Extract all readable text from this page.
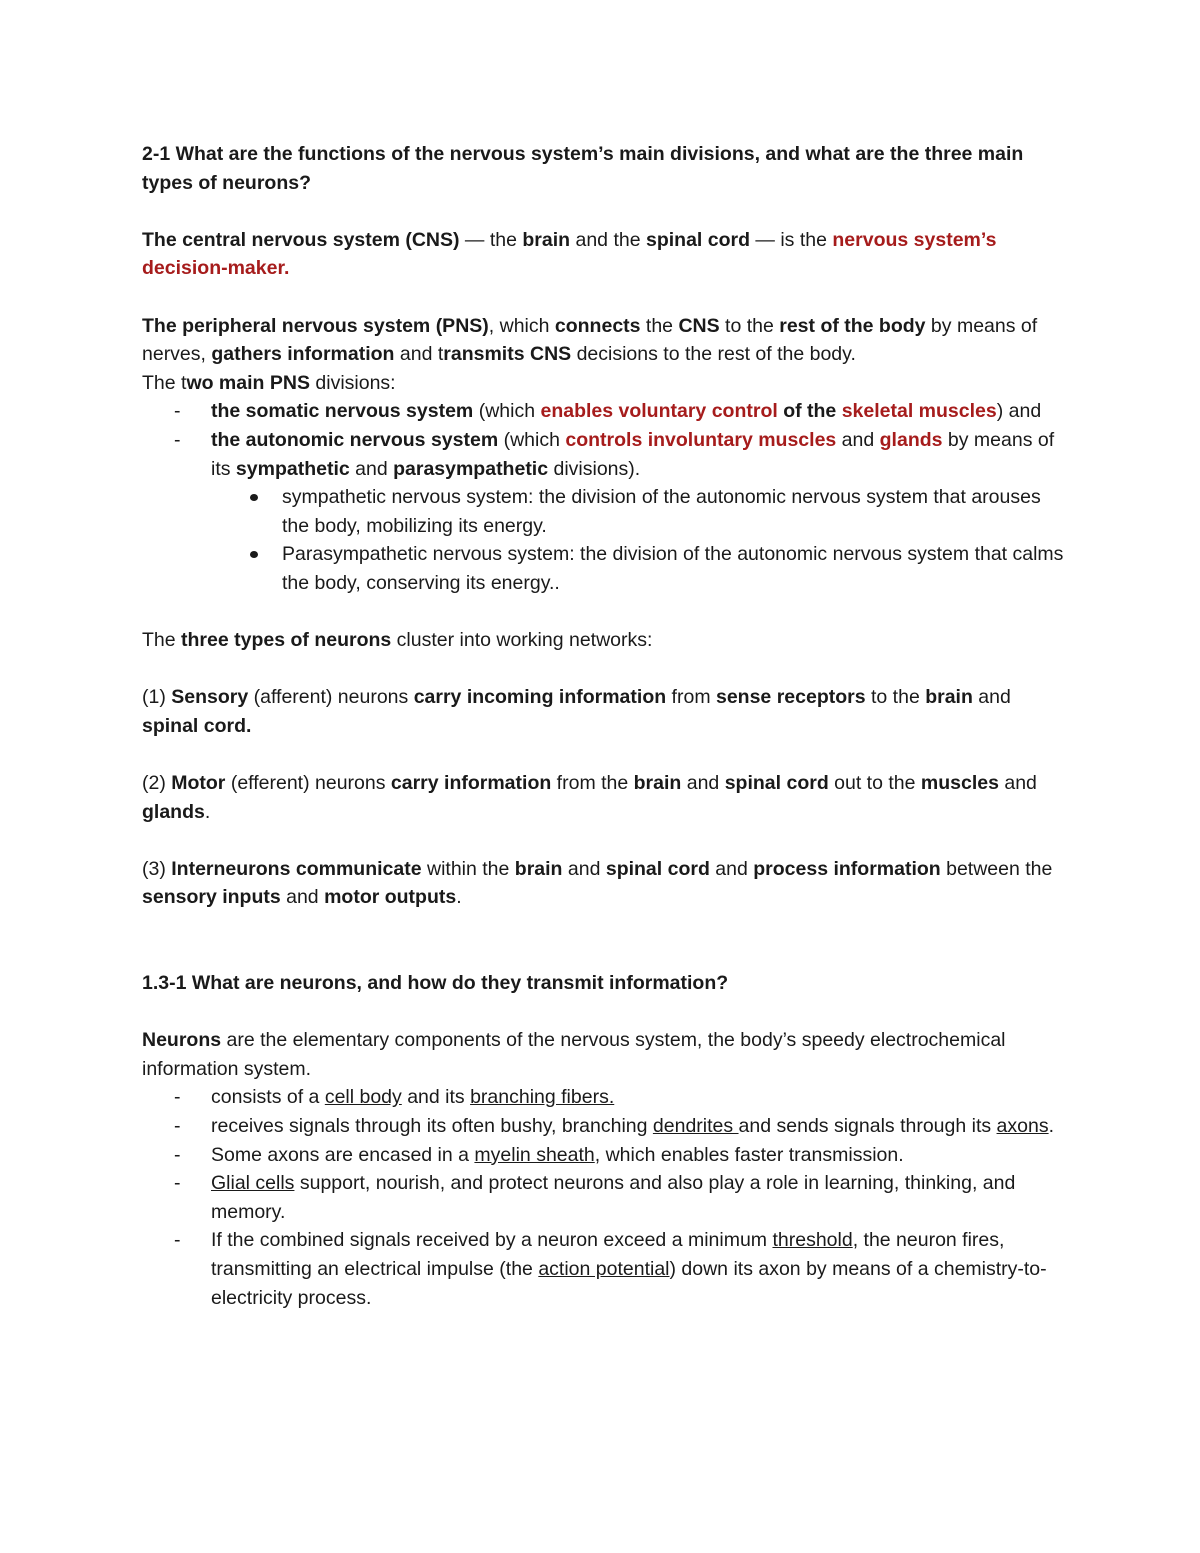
2-1 What are the functions of the nervous system’s main divisions, and what are the three main types of neurons?

The central nervous system (CNS) — the brain and the spinal cord — is the nervous system’s decision-maker.

The peripheral nervous system (PNS), which connects the CNS to the rest of the body by means of nerves, gathers information and transmits CNS decisions to the rest of the body.

The two main PNS divisions:

- the somatic nervous system (which enables voluntary control of the skeletal muscles) and
- the autonomic nervous system (which controls involuntary muscles and glands by means of its sympathetic and parasympathetic divisions).
sympathetic nervous system: the division of the autonomic nervous system that arouses the body, mobilizing its energy.
Parasympathetic nervous system: the division of the autonomic nervous system that calms the body, conserving its energy..

The three types of neurons cluster into working networks:

(1) Sensory (afferent) neurons carry incoming information from sense receptors to the brain and spinal cord.

(2) Motor (efferent) neurons carry information from the brain and spinal cord out to the muscles and glands.

(3) Interneurons communicate within the brain and spinal cord and process information between the sensory inputs and motor outputs.

1.3-1 What are neurons, and how do they transmit information?

Neurons are the elementary components of the nervous system, the body’s speedy electrochemical information system.

- consists of a cell body and its branching fibers.
- receives signals through its often bushy, branching dendrites and sends signals through its axons.
- Some axons are encased in a myelin sheath, which enables faster transmission.
- Glial cells support, nourish, and protect neurons and also play a role in learning, thinking, and memory.
- If the combined signals received by a neuron exceed a minimum threshold, the neuron fires, transmitting an electrical impulse (the action potential) down its axon by means of a chemistry-to-electricity process.
